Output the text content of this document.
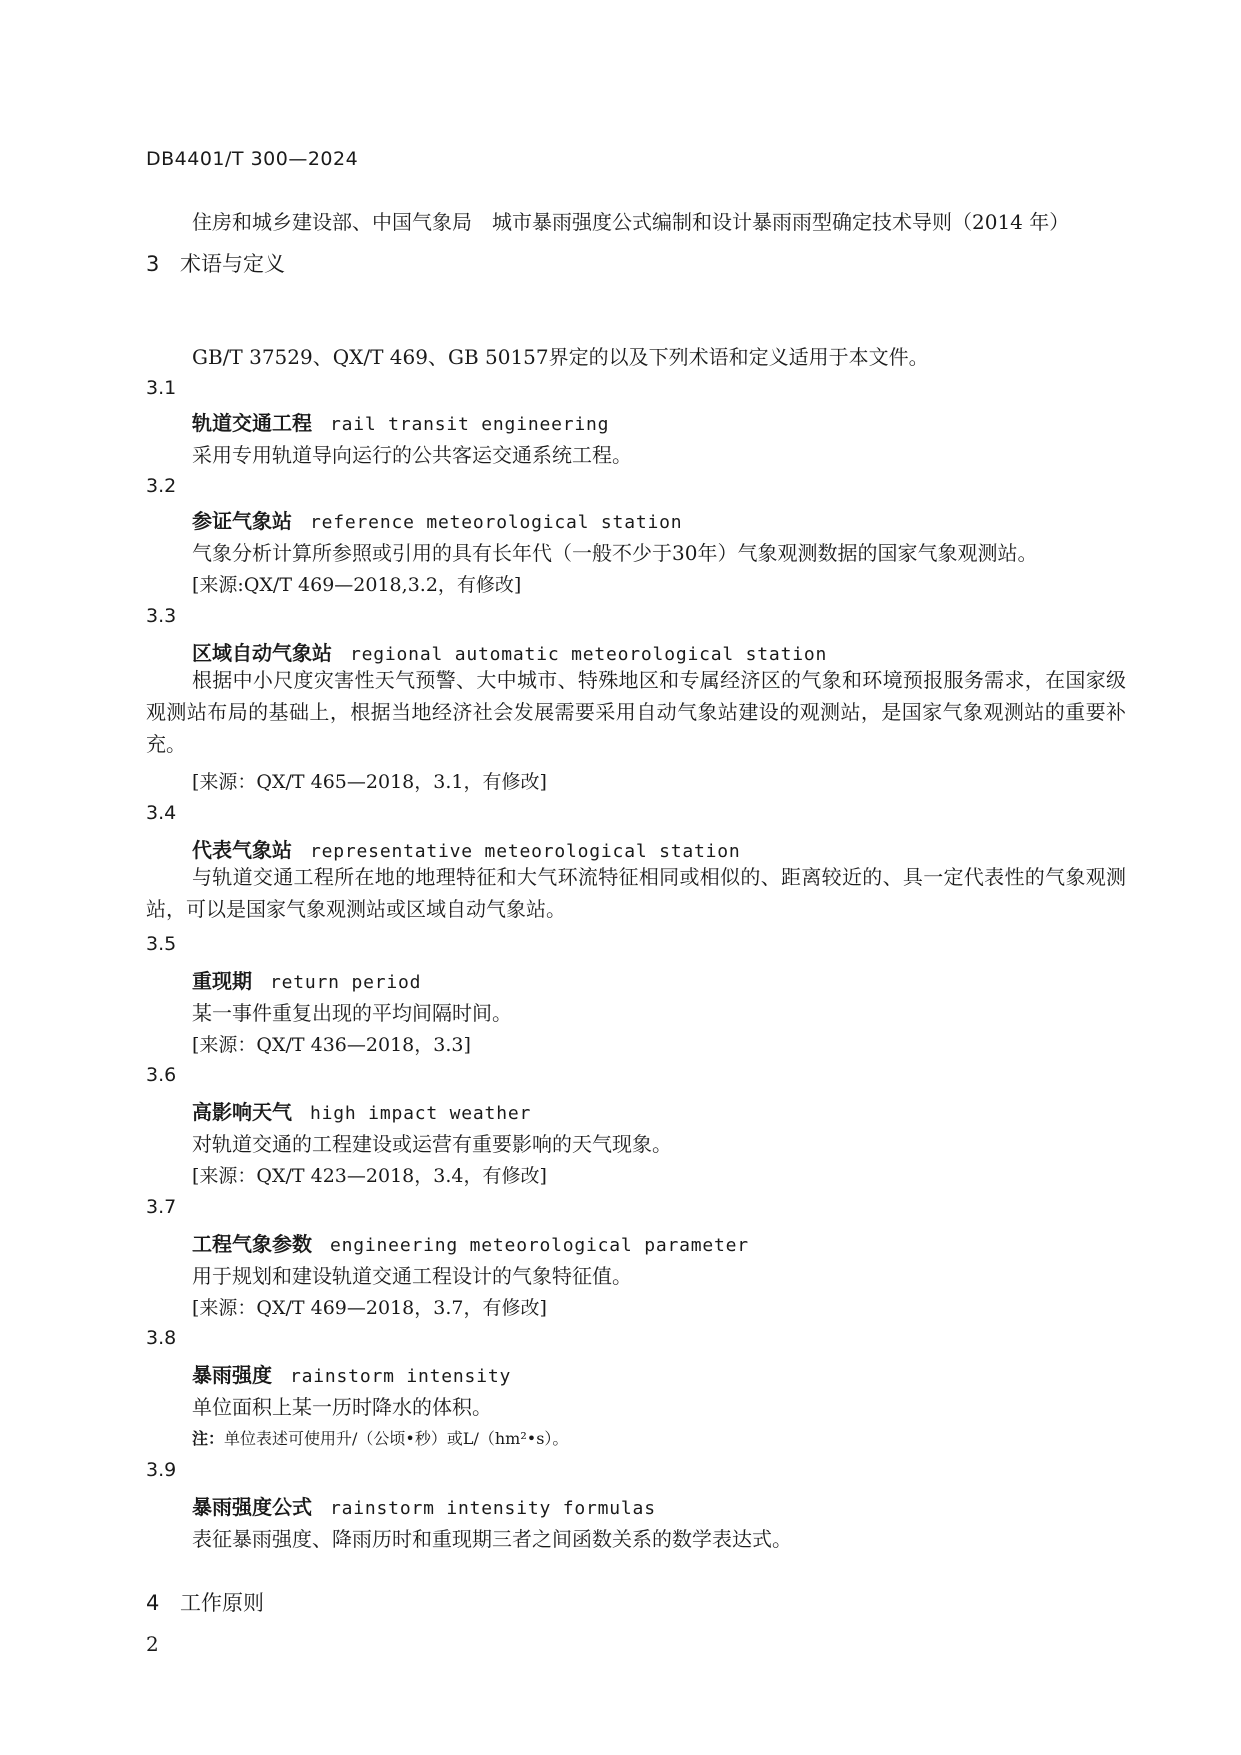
DB4401/T 300—2024
住房和城乡建设部、中国气象局　城市暴雨强度公式编制和设计暴雨雨型确定技术导则（2014 年）
3 术语与定义
GB/T 37529、QX/T 469、GB 50157界定的以及下列术语和定义适用于本文件。
3.1
轨道交通工程 rail transit engineering
采用专用轨道导向运行的公共客运交通系统工程。
3.2
参证气象站 reference meteorological station
气象分析计算所参照或引用的具有长年代（一般不少于30年）气象观测数据的国家气象观测站。
[来源:QX/T 469—2018,3.2，有修改]
3.3
区域自动气象站 regional automatic meteorological station
根据中小尺度灾害性天气预警、大中城市、特殊地区和专属经济区的气象和环境预报服务需求，在国家级观测站布局的基础上，根据当地经济社会发展需要采用自动气象站建设的观测站，是国家气象观测站的重要补充。
[来源：QX/T 465—2018，3.1，有修改]
3.4
代表气象站 representative meteorological station
与轨道交通工程所在地的地理特征和大气环流特征相同或相似的、距离较近的、具一定代表性的气象观测站，可以是国家气象观测站或区域自动气象站。
3.5
重现期 return period
某一事件重复出现的平均间隔时间。
[来源：QX/T 436—2018，3.3]
3.6
高影响天气 high impact weather
对轨道交通的工程建设或运营有重要影响的天气现象。
[来源：QX/T 423—2018，3.4，有修改]
3.7
工程气象参数 engineering meteorological parameter
用于规划和建设轨道交通工程设计的气象特征值。
[来源：QX/T 469—2018，3.7，有修改]
3.8
暴雨强度 rainstorm intensity
单位面积上某一历时降水的体积。
注：单位表述可使用升/（公顷•秒）或L/（hm²•s）。
3.9
暴雨强度公式 rainstorm intensity formulas
表征暴雨强度、降雨历时和重现期三者之间函数关系的数学表达式。
4 工作原则
2
